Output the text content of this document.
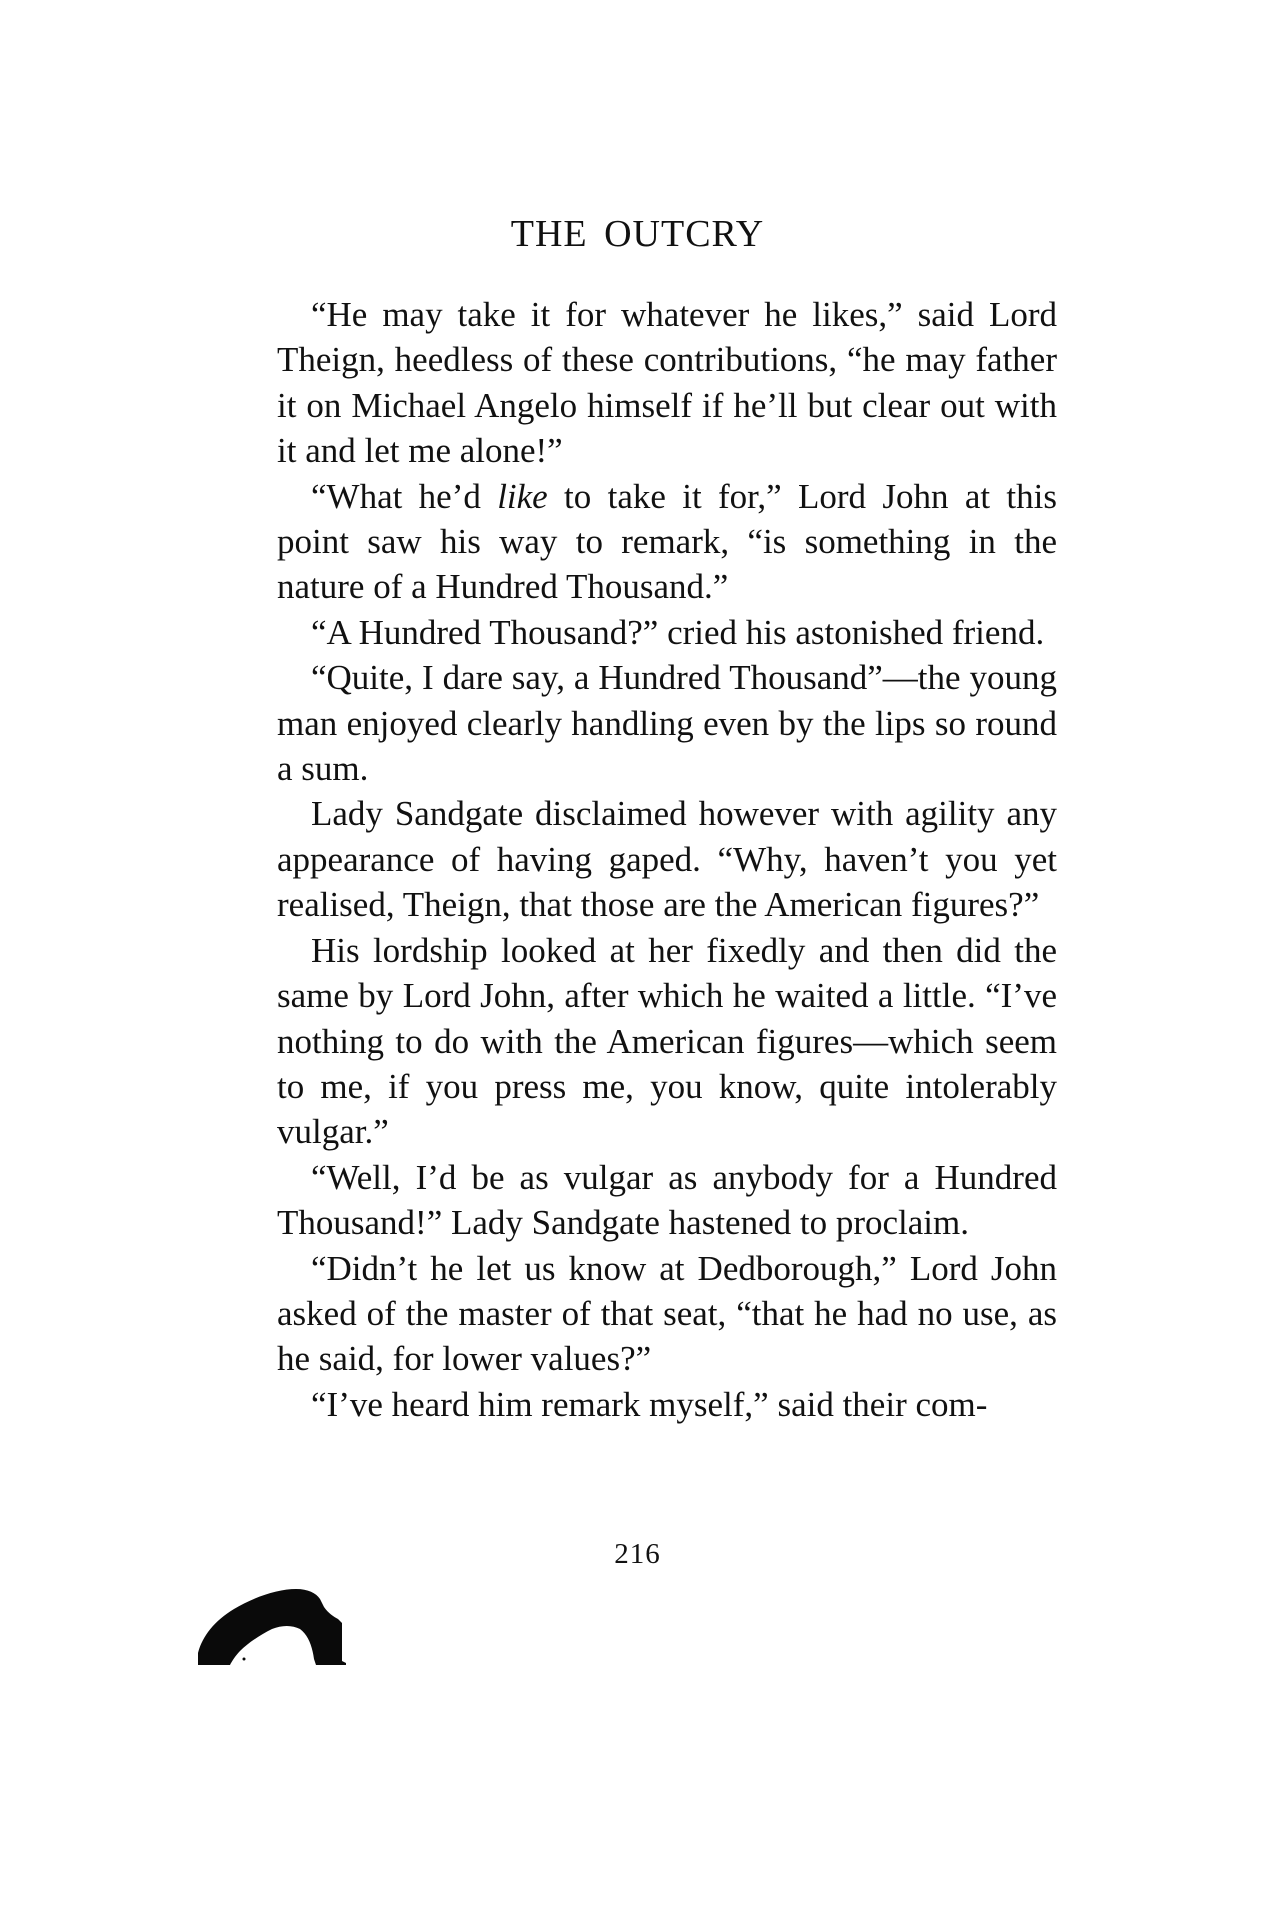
THE OUTCRY

“He may take it for whatever he likes,” said Lord Theign, heedless of these contributions, “he may father it on Michael Angelo himself if he’ll but clear out with it and let me alone!”

“What he’d like to take it for,” Lord John at this point saw his way to remark, “is something in the nature of a Hundred Thousand.”

“A Hundred Thousand?” cried his astonished friend.

“Quite, I dare say, a Hundred Thousand”—the young man enjoyed clearly handling even by the lips so round a sum.

Lady Sandgate disclaimed however with agility any appearance of having gaped. “Why, haven’t you yet realised, Theign, that those are the American figures?”

His lordship looked at her fixedly and then did the same by Lord John, after which he waited a little. “I’ve nothing to do with the American figures—which seem to me, if you press me, you know, quite intolerably vulgar.”

“Well, I’d be as vulgar as anybody for a Hundred Thousand!” Lady Sandgate hastened to proclaim.

“Didn’t he let us know at Dedborough,” Lord John asked of the master of that seat, “that he had no use, as he said, for lower values?”

“I’ve heard him remark myself,” said their com-

216
